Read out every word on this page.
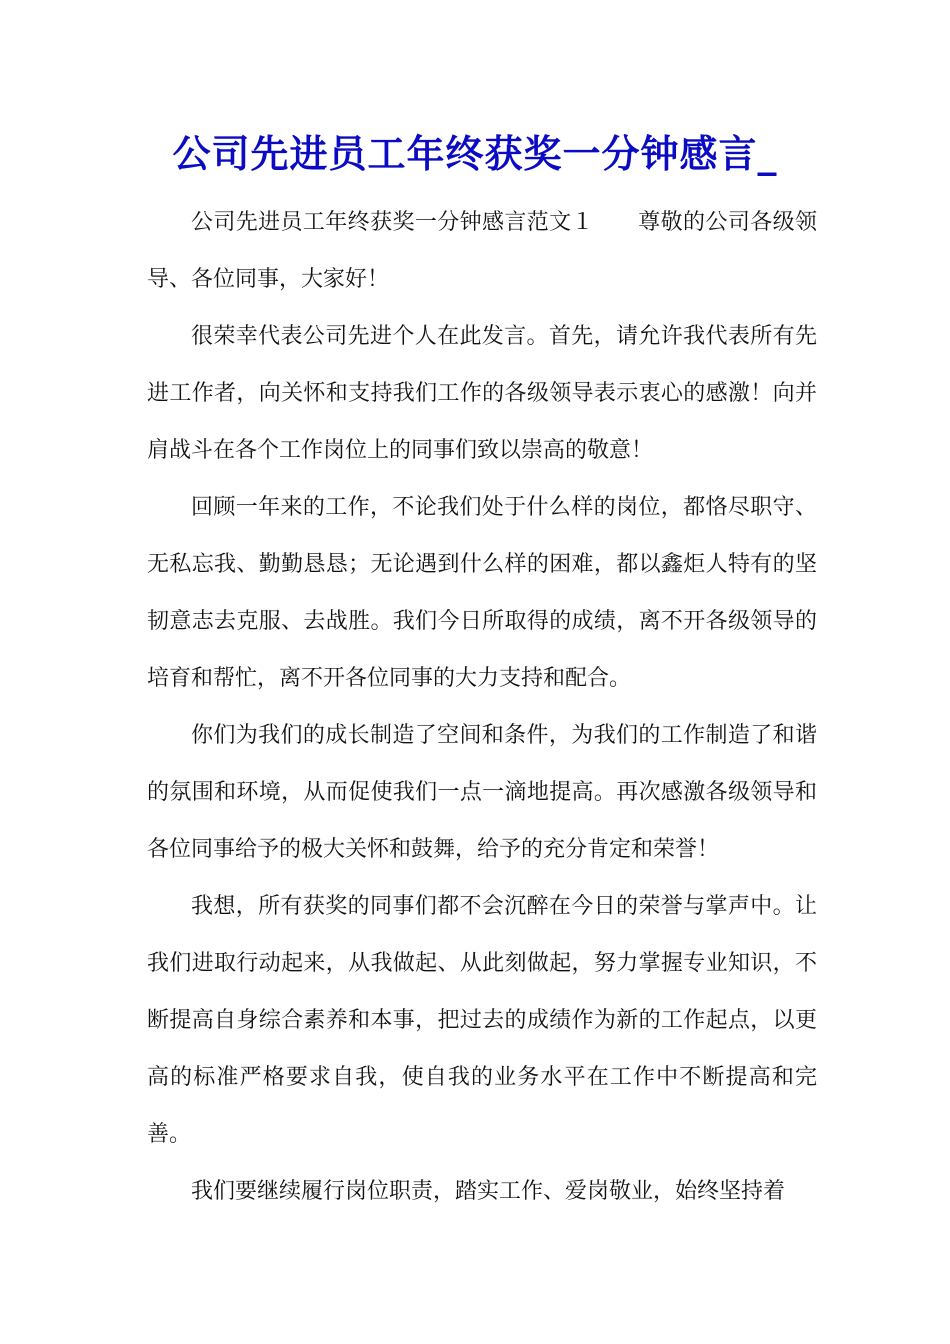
公司先进员工年终获奖一分钟感言_

公司先进员工年终获奖一分钟感言范文１ 尊敬的公司各级领导、各位同事，大家好！

很荣幸代表公司先进个人在此发言。首先，请允许我代表所有先进工作者，向关怀和支持我们工作的各级领导表示衷心的感激！向并肩战斗在各个工作岗位上的同事们致以崇高的敬意！

回顾一年来的工作，不论我们处于什么样的岗位，都恪尽职守、无私忘我、勤勤恳恳；无论遇到什么样的困难，都以鑫炬人特有的坚韧意志去克服、去战胜。我们今日所取得的成绩，离不开各级领导的培育和帮忙，离不开各位同事的大力支持和配合。

你们为我们的成长制造了空间和条件，为我们的工作制造了和谐的氛围和环境，从而促使我们一点一滴地提高。再次感激各级领导和各位同事给予的极大关怀和鼓舞，给予的充分肯定和荣誉！

我想，所有获奖的同事们都不会沉醉在今日的荣誉与掌声中。让我们进取行动起来，从我做起、从此刻做起，努力掌握专业知识，不断提高自身综合素养和本事，把过去的成绩作为新的工作起点，以更高的标准严格要求自我，使自我的业务水平在工作中不断提高和完善。

我们要继续履行岗位职责，踏实工作、爱岗敬业，始终坚持着
